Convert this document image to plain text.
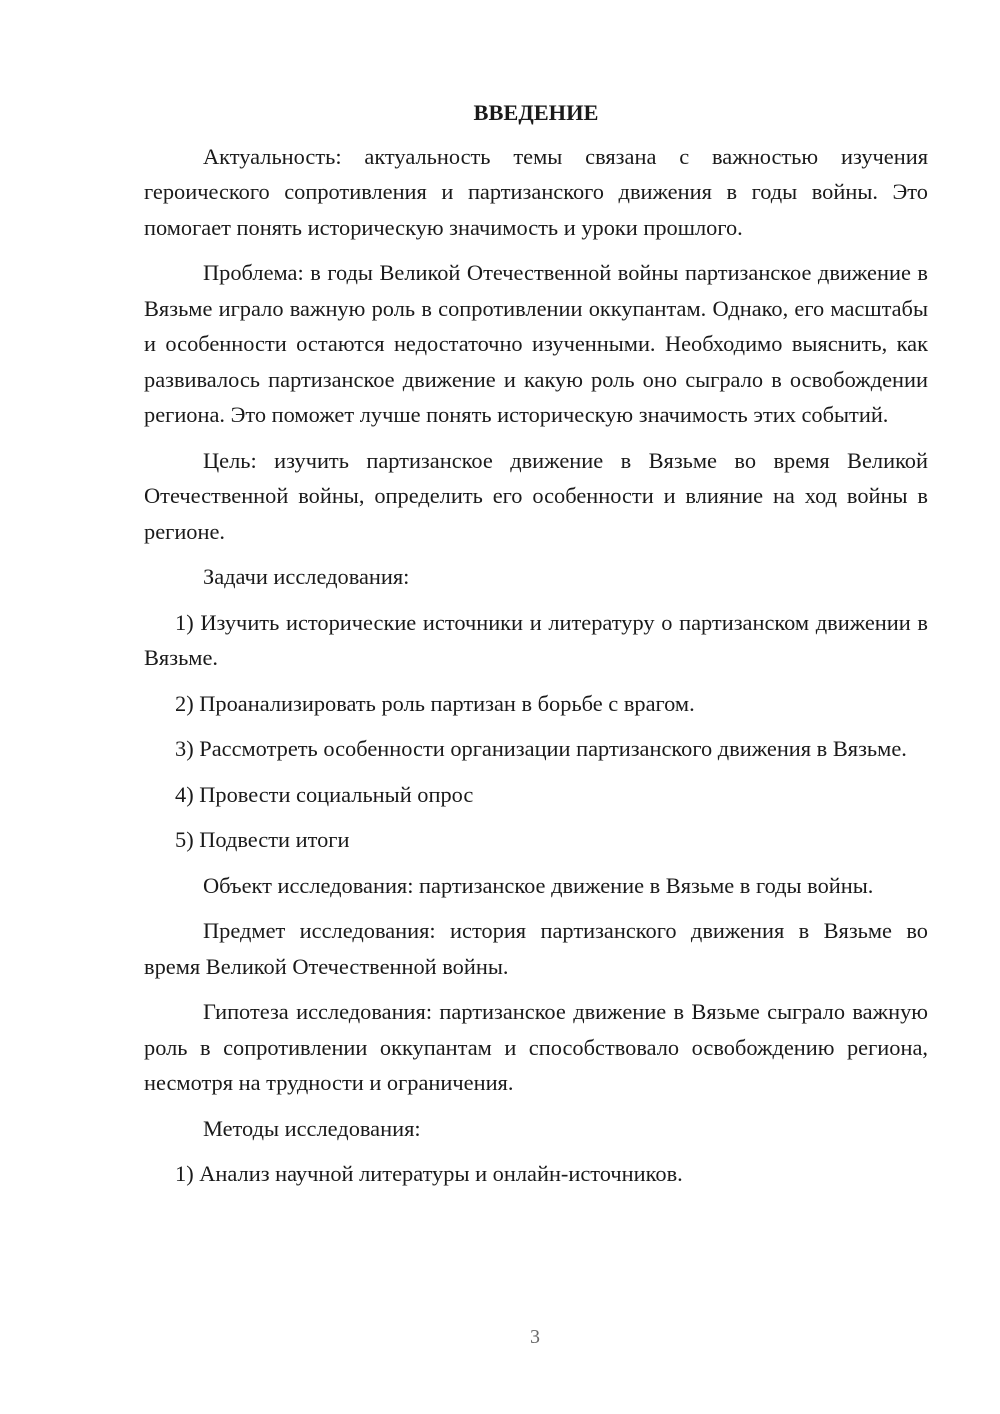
ВВЕДЕНИЕ

Актуальность: актуальность темы связана с важностью изучения героического сопротивления и партизанского движения в годы войны. Это помогает понять историческую значимость и уроки прошлого.

Проблема: в годы Великой Отечественной войны партизанское движение в Вязьме играло важную роль в сопротивлении оккупантам. Однако, его масштабы и особенности остаются недостаточно изученными. Необходимо выяснить, как развивалось партизанское движение и какую роль оно сыграло в освобождении региона. Это поможет лучше понять историческую значимость этих событий.

Цель: изучить партизанское движение в Вязьме во время Великой Отечественной войны, определить его особенности и влияние на ход войны в регионе.

Задачи исследования:

1) Изучить исторические источники и литературу о партизанском движении в Вязьме.

2) Проанализировать роль партизан в борьбе с врагом.

3) Рассмотреть особенности организации партизанского движения в Вязьме.

4) Провести социальный опрос

5) Подвести итоги

Объект исследования: партизанское движение в Вязьме в годы войны.

Предмет исследования: история партизанского движения в Вязьме во время Великой Отечественной войны.

Гипотеза исследования: партизанское движение в Вязьме сыграло важную роль в сопротивлении оккупантам и способствовало освобождению региона, несмотря на трудности и ограничения.

Методы исследования:

1) Анализ научной литературы и онлайн-источников.

3
